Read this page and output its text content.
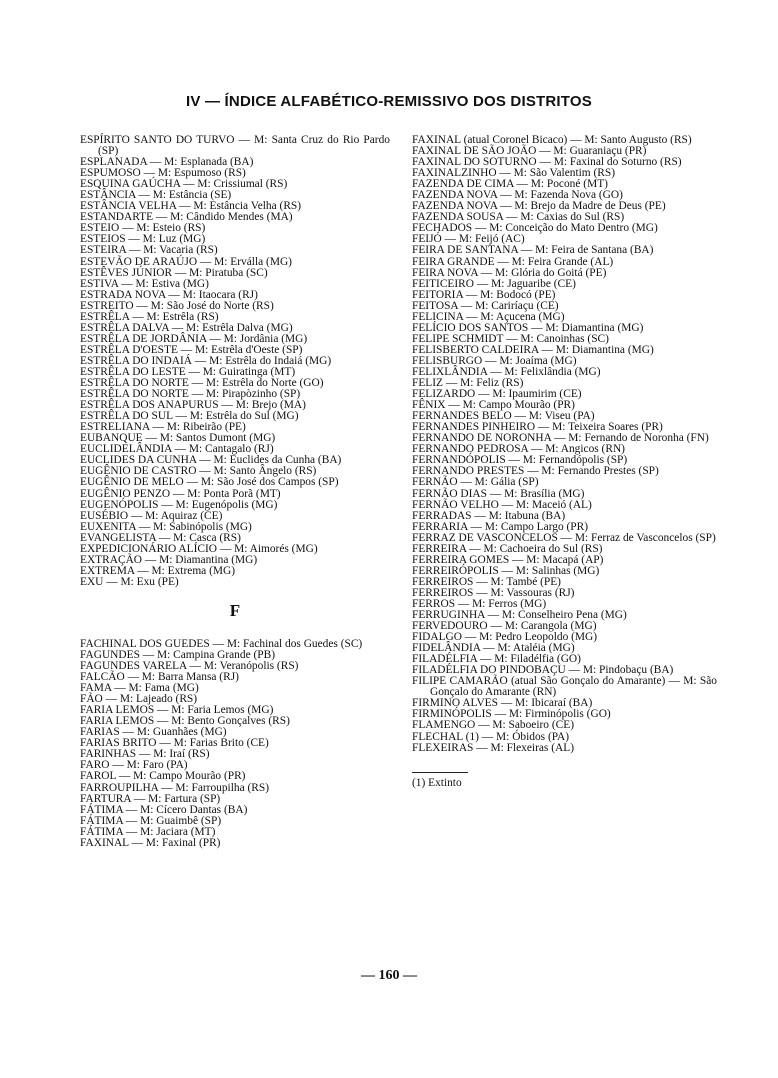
IV — ÍNDICE ALFABÉTICO-REMISSIVO DOS DISTRITOS

ESPÍRITO SANTO DO TURVO — M: Santa Cruz do Rio Pardo (SP)

ESPLANADA — M: Esplanada (BA)

ESPUMOSO — M: Espumoso (RS)

ESQUINA GAÚCHA — M: Crissiumal (RS)

ESTÂNCIA — M: Estância (SE)

ESTÂNCIA VELHA — M: Estância Velha (RS)

ESTANDARTE — M: Cândido Mendes (MA)

ESTEIO — M: Esteio (RS)

ESTEIOS — M: Luz (MG)

ESTEIRA — M: Vacaria (RS)

ESTEVÃO DE ARAÚJO — M: Erválla (MG)

ESTÊVES JÚNIOR — M: Piratuba (SC)

ESTIVA — M: Estiva (MG)

ESTRADA NOVA — M: Itaocara (RJ)

ESTREITO — M: São José do Norte (RS)

ESTRÊLA — M: Estrêla (RS)

ESTRÊLA DALVA — M: Estrêla Dalva (MG)

ESTRÊLA DE JORDÂNIA — M: Jordânia (MG)

ESTRÊLA D'OESTE — M: Estrêla d'Oeste (SP)

ESTRÊLA DO INDAIÁ — M: Estrêla do Indaiá (MG)

ESTRÊLA DO LESTE — M: Guiratinga (MT)

ESTRÊLA DO NORTE — M: Estrêla do Norte (GO)

ESTRÊLA DO NORTE — M: Pirapòzinho (SP)

ESTRÊLA DOS ANAPURUS — M: Brejo (MA)

ESTRÊLA DO SUL — M: Estrêla do Sul (MG)

ESTRELIANA — M: Ribeirão (PE)

EUBANQUE — M: Santos Dumont (MG)

EUCLIDELÂNDIA — M: Cantagalo (RJ)

EUCLIDES DA CUNHA — M: Euclides da Cunha (BA)

EUGÊNIO DE CASTRO — M: Santo Ângelo (RS)

EUGÊNIO DE MELO — M: São José dos Campos (SP)

EUGÊNIO PENZO — M: Ponta Porã (MT)

EUGENÓPOLIS — M: Eugenópolis (MG)

EUSÉBIO — M: Aquiraz (CE)

EUXENITA — M: Sabinópolis (MG)

EVANGELISTA — M: Casca (RS)

EXPEDICIONÁRIO ALÍCIO — M: Aimorés (MG)

EXTRAÇÃO — M: Diamantina (MG)

EXTREMA — M: Extrema (MG)

EXU — M: Exu (PE)

F

FACHINAL DOS GUEDES — M: Fachinal dos Guedes (SC)

FAGUNDES — M: Campina Grande (PB)

FAGUNDES VARELA — M: Veranópolis (RS)

FALCÃO — M: Barra Mansa (RJ)

FAMA — M: Fama (MG)

FÃO — M: Lajeado (RS)

FARIA LEMOS — M: Faria Lemos (MG)

FARIA LEMOS — M: Bento Gonçalves (RS)

FARIAS — M: Guanhães (MG)

FARIAS BRITO — M: Farias Brito (CE)

FARINHAS — M: Iraí (RS)

FARO — M: Faro (PA)

FAROL — M: Campo Mourão (PR)

FARROUPILHA — M: Farroupilha (RS)

FARTURA — M: Fartura (SP)

FÁTIMA — M: Cícero Dantas (BA)

FÁTIMA — M: Guaimbê (SP)

FÁTIMA — M: Jaciara (MT)

FAXINAL — M: Faxinal (PR)

FAXINAL (atual Coronel Bicaco) — M: Santo Augusto (RS)

FAXINAL DE SÃO JOÃO — M: Guaraniaçu (PR)

FAXINAL DO SOTURNO — M: Faxinal do Soturno (RS)

FAXINALZINHO — M: São Valentim (RS)

FAZENDA DE CIMA — M: Poconé (MT)

FAZENDA NOVA — M: Fazenda Nova (GO)

FAZENDA NOVA — M: Brejo da Madre de Deus (PE)

FAZENDA SOUSA — M: Caxias do Sul (RS)

FECHADOS — M: Conceição do Mato Dentro (MG)

FEIJÓ — M: Feijó (AC)

FEIRA DE SANTANA — M: Feira de Santana (BA)

FEIRA GRANDE — M: Feira Grande (AL)

FEIRA NOVA — M: Glória do Goitá (PE)

FEITICEIRO — M: Jaguaribe (CE)

FEITORIA — M: Bodocó (PE)

FEITOSA — M: Cariríaçu (CE)

FELICINA — M: Açucena (MG)

FELÍCIO DOS SANTOS — M: Diamantina (MG)

FELIPE SCHMIDT — M: Canoinhas (SC)

FELISBERTO CALDEIRA — M: Diamantina (MG)

FELISBURGO — M: Joaíma (MG)

FELIXLÂNDIA — M: Felixlândia (MG)

FELIZ — M: Feliz (RS)

FELIZARDO — M: Ipaumirim (CE)

FÊNIX — M: Campo Mourão (PR)

FERNANDES BELO — M: Viseu (PA)

FERNANDES PINHEIRO — M: Teixeira Soares (PR)

FERNANDO DE NORONHA — M: Fernando de Noronha (FN)

FERNANDO PEDROSA — M: Angicos (RN)

FERNANDÓPOLIS — M: Fernandópolis (SP)

FERNANDO PRESTES — M: Fernando Prestes (SP)

FERNÃO — M: Gália (SP)

FERNÃO DIAS — M: Brasília (MG)

FERNÃO VELHO — M: Maceió (AL)

FERRADAS — M: Itabuna (BA)

FERRARIA — M: Campo Largo (PR)

FERRAZ DE VASCONCELOS — M: Ferraz de Vasconcelos (SP)

FERREIRA — M: Cachoeira do Sul (RS)

FERREIRA GOMES — M: Macapá (AP)

FERREIRÓPOLIS — M: Salinhas (MG)

FERREIROS — M: També (PE)

FERREIROS — M: Vassouras (RJ)

FERROS — M: Ferros (MG)

FERRUGINHA — M: Conselheiro Pena (MG)

FERVEDOURO — M: Carangola (MG)

FIDALGO — M: Pedro Leopoldo (MG)

FIDELÂNDIA — M: Ataléia (MG)

FILADÉLFIA — M: Filadélfia (GO)

FILADÉLFIA DO PINDOBAÇU — M: Pindobaçu (BA)

FILIPE CAMARÃO (atual São Gonçalo do Amarante) — M: São Gonçalo do Amarante (RN)

FIRMINO ALVES — M: Ibicaraí (BA)

FIRMINÓPOLIS — M: Firminópolis (GO)

FLAMENGO — M: Saboeiro (CE)

FLECHAL (1) — M: Óbidos (PA)

FLEXEIRAS — M: Flexeiras (AL)

(1) Extinto

— 160 —
